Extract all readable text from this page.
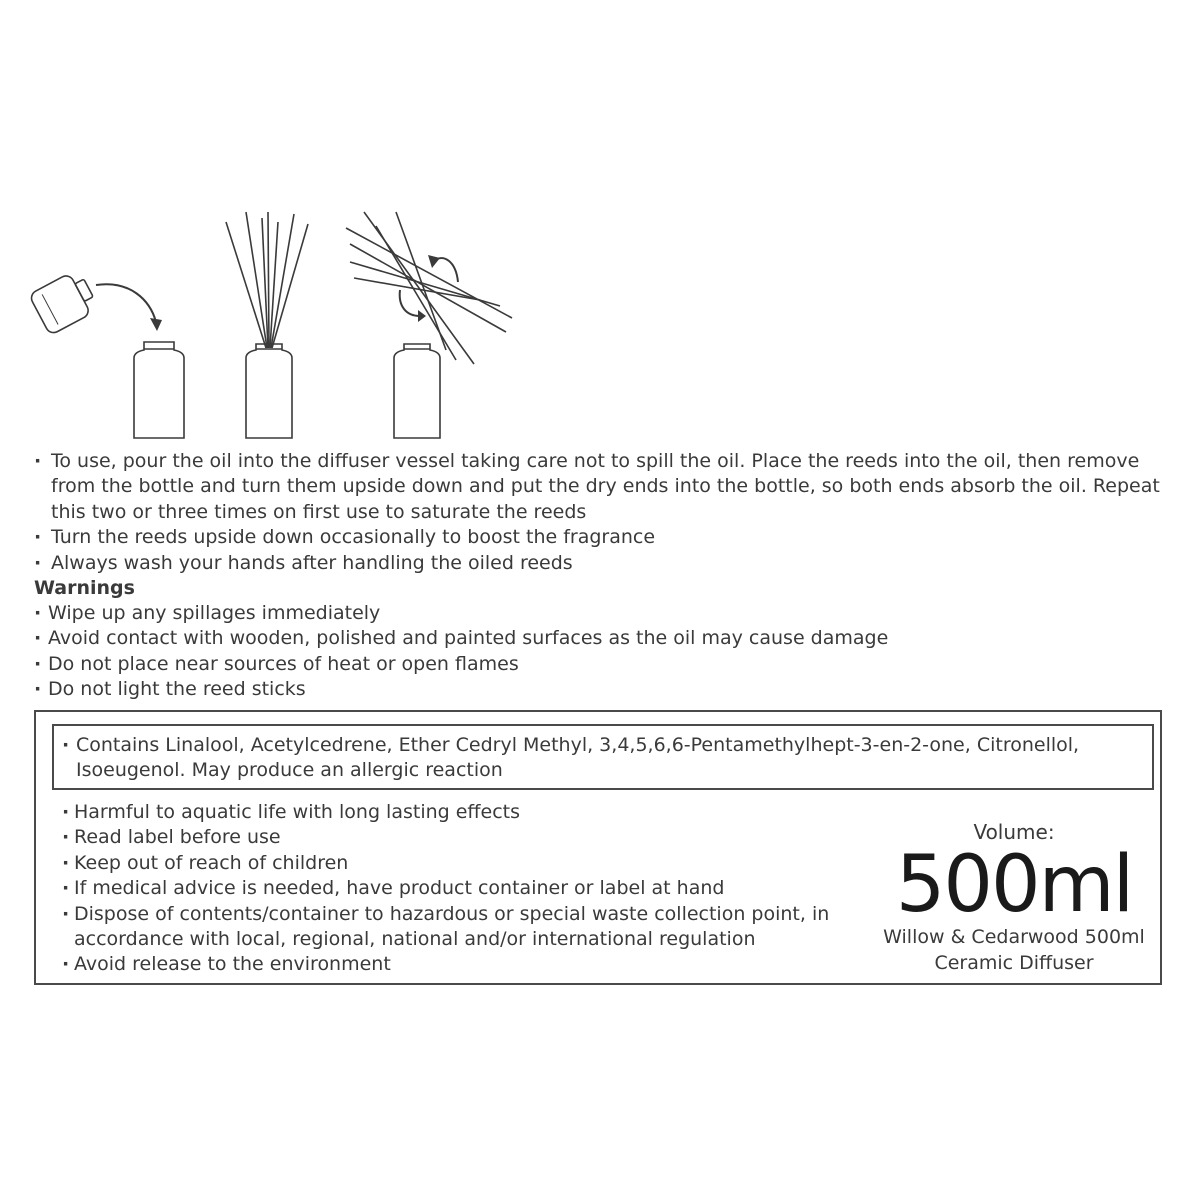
· To use, pour the oil into the diffuser vessel taking care not to spill the oil. Place the reeds into the oil, then remove from the bottle and turn them upside down and put the dry ends into the bottle, so both ends absorb the oil. Repeat this two or three times on first use to saturate the reeds
· Turn the reeds upside down occasionally to boost the fragrance
· Always wash your hands after handling the oiled reeds
Warnings
· Wipe up any spillages immediately
· Avoid contact with wooden, polished and painted surfaces as the oil may cause damage
· Do not place near sources of heat or open flames
· Do not light the reed sticks
· Contains Linalool, Acetylcedrene, Ether Cedryl Methyl, 3,4,5,6,6-Pentamethylhept-3-en-2-one, Citronellol, Isoeugenol. May produce an allergic reaction
· Harmful to aquatic life with long lasting effects
· Read label before use
· Keep out of reach of children
· If medical advice is needed, have product container or label at hand
· Dispose of contents/container to hazardous or special waste collection point, in accordance with local, regional, national and/or international regulation
· Avoid release to the environment
Volume:
500ml
Willow & Cedarwood 500ml
Ceramic Diffuser
